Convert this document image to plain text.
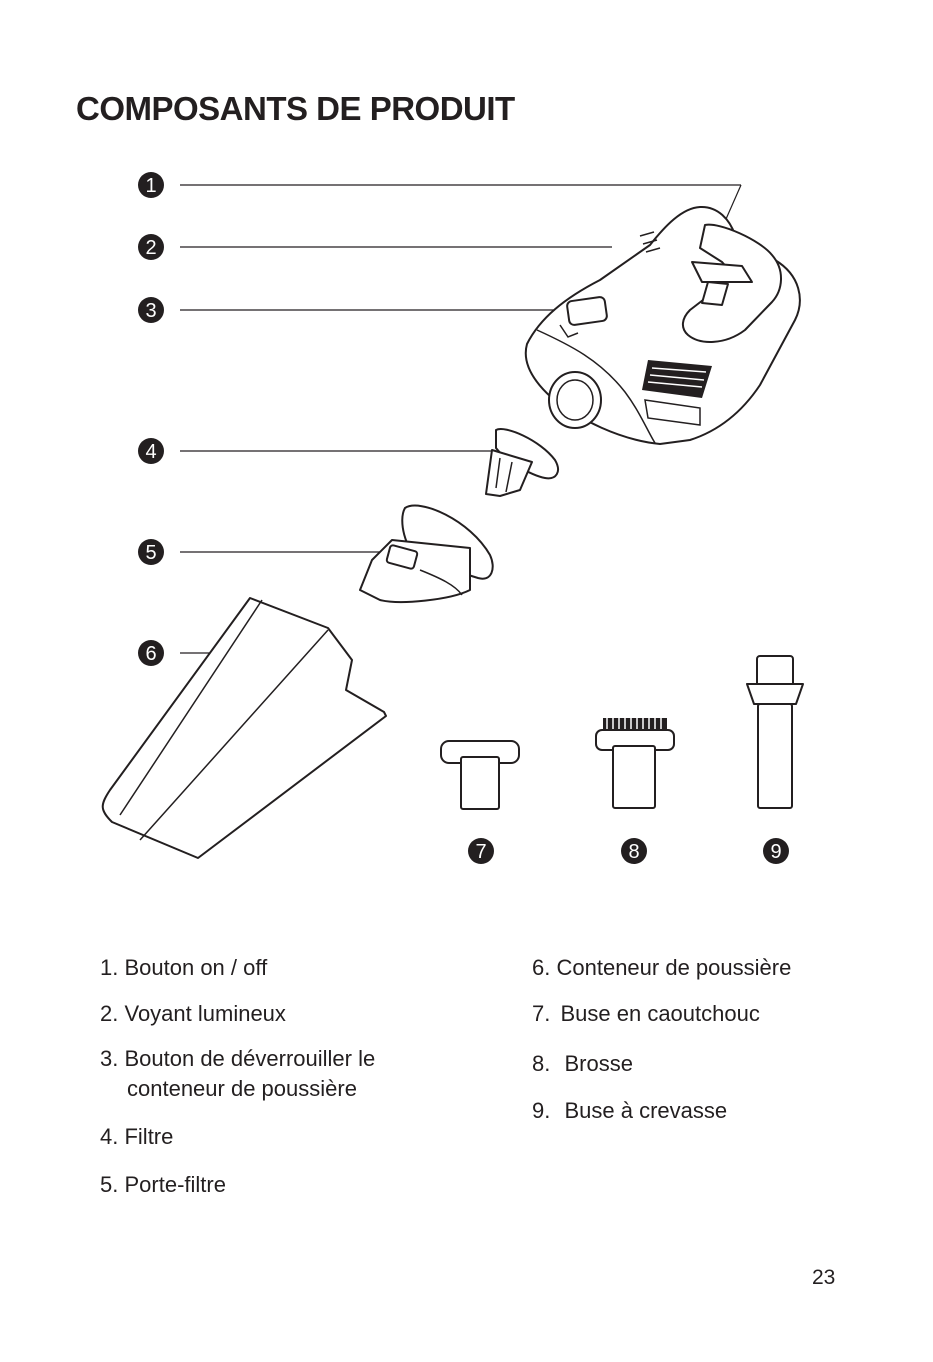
COMPOSANTS DE PRODUIT
1
2
3
4
5
6
7	8	9
1. Bouton on / off
2. Voyant lumineux
3. Bouton de déverrouiller le
conteneur de poussière
4. Filtre
5. Porte-filtre
6. Conteneur de poussière
7. Buse en caoutchouc
8. Brosse
9. Buse à crevasse
23
